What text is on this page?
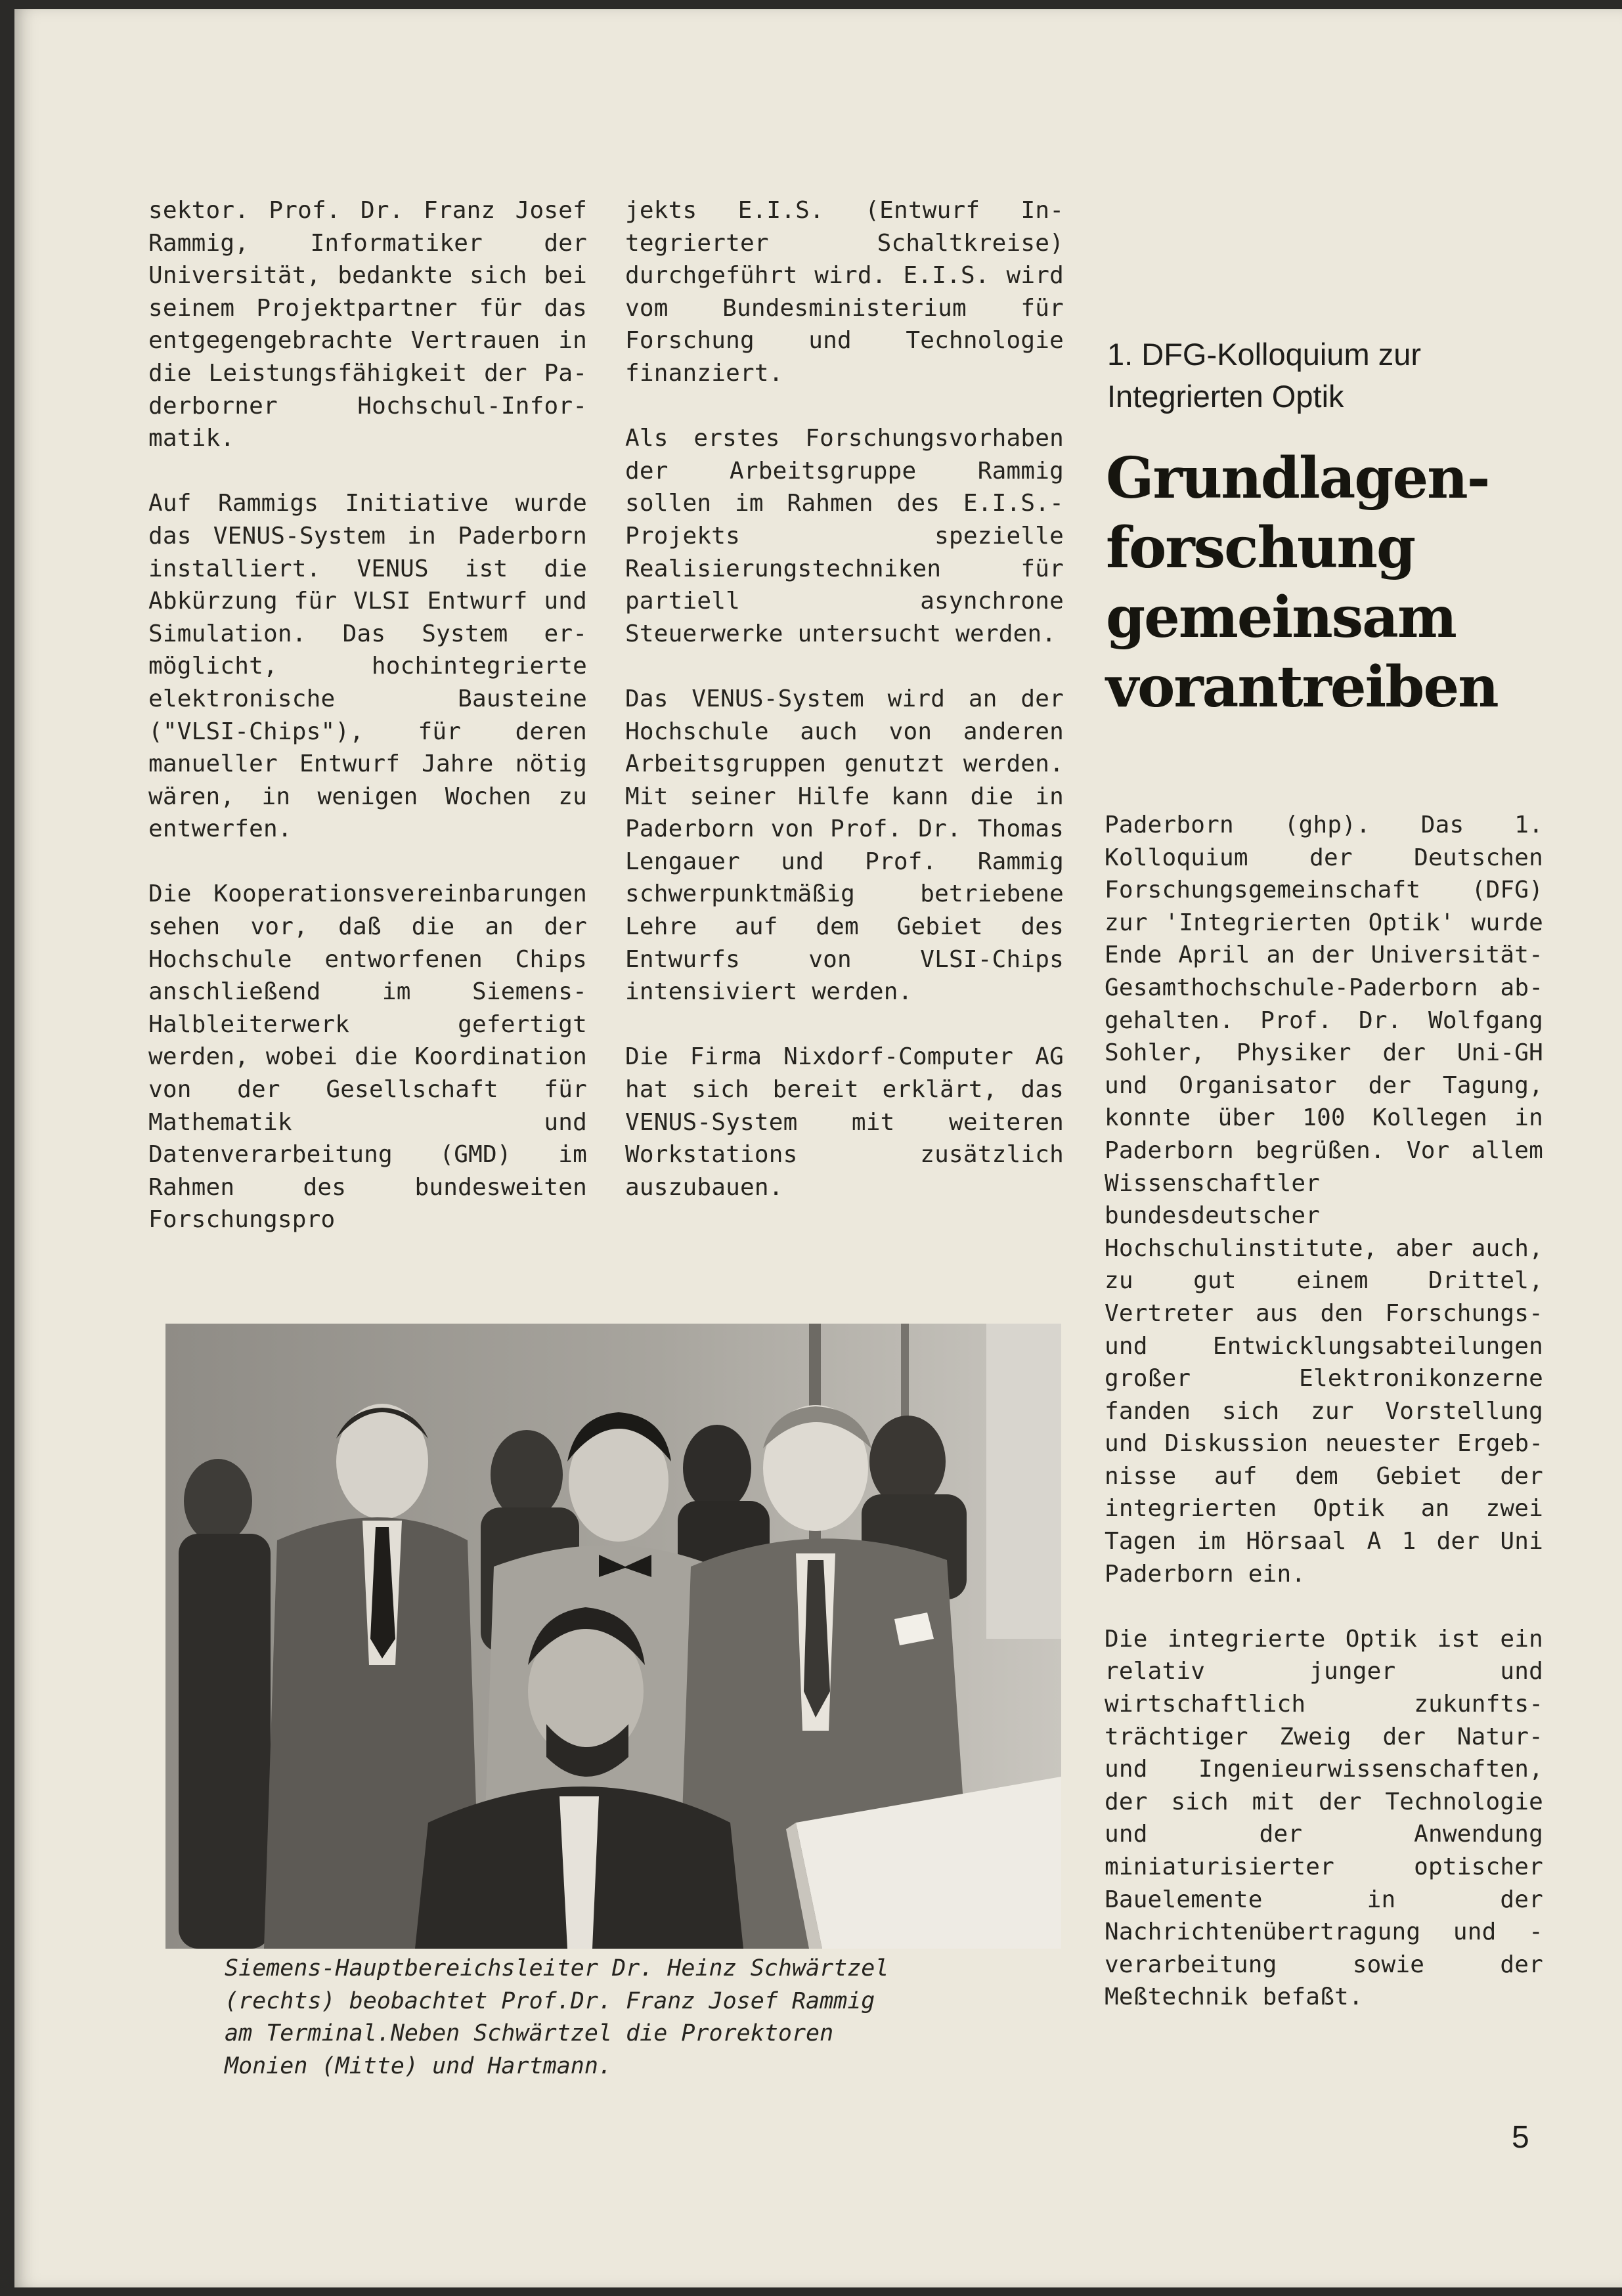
sektor. Prof. Dr. Franz Josef Rammig, Informatiker der Universität, bedankte sich bei seinem Projektpartner für das entgegengebrachte Vertrauen in die Leistungsfähigkeit der Paderborner Hochschul-Informatik.

Auf Rammigs Initiative wurde das VENUS-System in Paderborn installiert. VENUS ist die Abkürzung für VLSI Entwurf und Simulation. Das System ermöglicht, hochintegrierte elektronische Bausteine ("VLSI-Chips"), für deren manueller Entwurf Jahre nötig wären, in wenigen Wochen zu entwerfen.

Die Kooperationsvereinbarungen sehen vor, daß die an der Hochschule entworfenen Chips anschließend im Siemens-Halbleiterwerk gefertigt werden, wobei die Koordination von der Gesellschaft für Mathematik und Datenverarbeitung (GMD) im Rahmen des bundesweiten Forschungspro

jekts E.I.S. (Entwurf Integrierter Schaltkreise) durchgeführt wird. E.I.S. wird vom Bundesministerium für Forschung und Technologie finanziert.

Als erstes Forschungsvorhaben der Arbeitsgruppe Rammig sollen im Rahmen des E.I.S.-Projekts spezielle Realisierungstechniken für partiell asynchrone Steuerwerke untersucht werden.

Das VENUS-System wird an der Hochschule auch von anderen Arbeitsgruppen genutzt werden. Mit seiner Hilfe kann die in Paderborn von Prof. Dr. Thomas Lengauer und Prof. Rammig schwerpunktmäßig betriebene Lehre auf dem Gebiet des Entwurfs von VLSI-Chips intensiviert werden.

Die Firma Nixdorf-Computer AG hat sich bereit erklärt, das VENUS-System mit weiteren Workstations zusätzlich auszubauen.

1. DFG-Kolloquium zur
Integrierten Optik
Grundlagen-
forschung
gemeinsam
vorantreiben

Paderborn (ghp). Das 1. Kolloquium der Deutschen Forschungsgemeinschaft (DFG) zur 'Integrierten Optik' wurde Ende April an der Universität-Gesamthochschule-Paderborn abgehalten. Prof. Dr. Wolfgang Sohler, Physiker der Uni-GH und Organisator der Tagung, konnte über 100 Kollegen in Paderborn begrüßen. Vor allem Wissenschaftler bundesdeutscher Hochschulinstitute, aber auch, zu gut einem Drittel, Vertreter aus den Forschungs- und Entwicklungsabteilungen großer Elektronikonzerne fanden sich zur Vorstellung und Diskussion neuester Ergebnisse auf dem Gebiet der integrierten Optik an zwei Tagen im Hörsaal A 1 der Uni Paderborn ein.

Die integrierte Optik ist ein relativ junger und wirtschaftlich zukunftsträchtiger Zweig der Natur- und Ingenieurwissenschaften, der sich mit der Technologie und der Anwendung miniaturisierter optischer Bauelemente in der Nachrichtenübertragung und -verarbeitung sowie der Meßtechnik befaßt.

Siemens-Hauptbereichsleiter Dr. Heinz Schwärtzel
(rechts) beobachtet Prof.Dr. Franz Josef Rammig
am Terminal.Neben Schwärtzel die Prorektoren
Monien (Mitte) und Hartmann.
5
